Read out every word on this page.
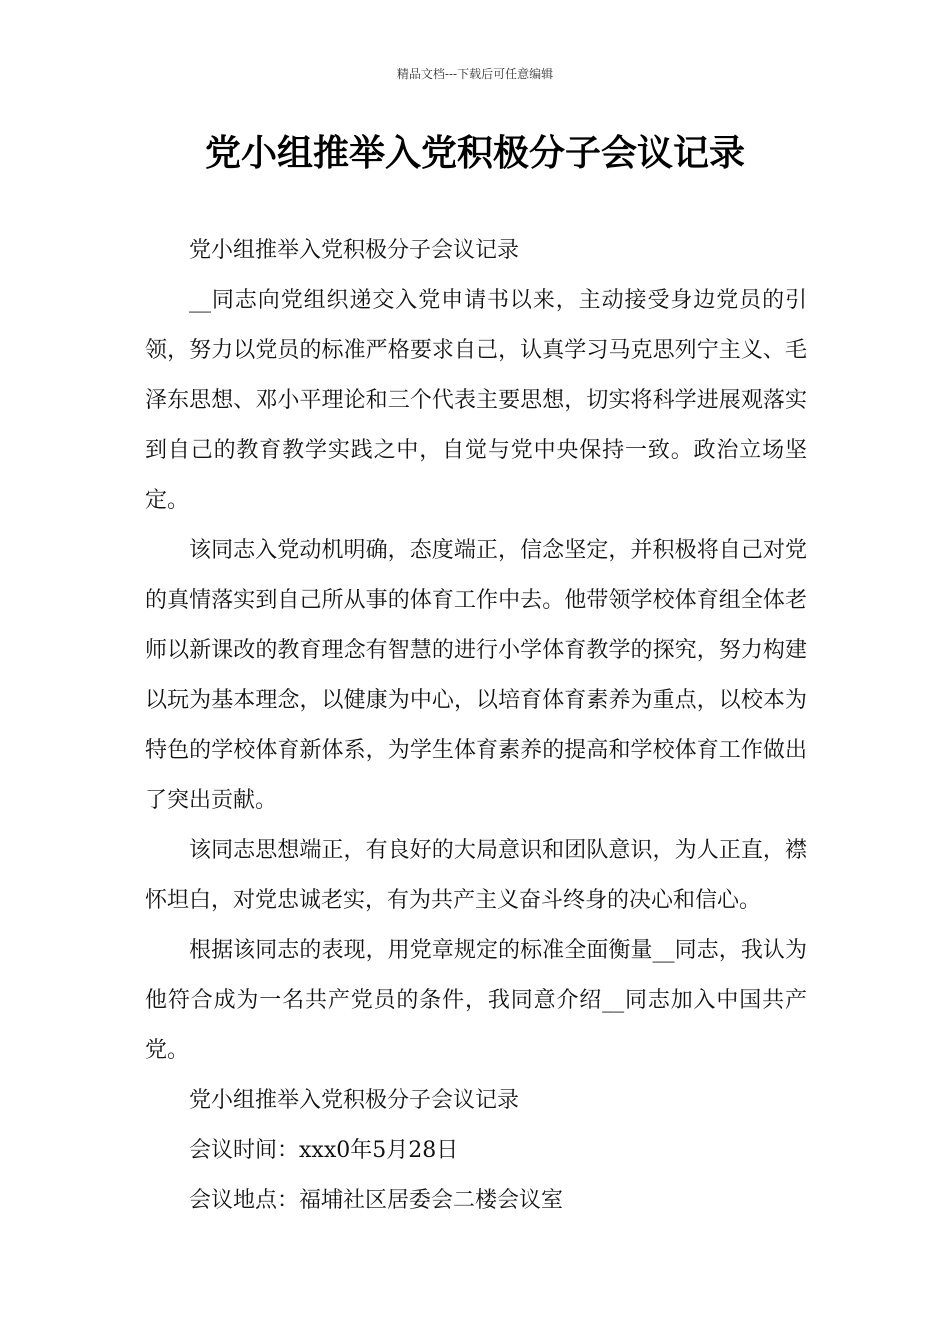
精品文档---下载后可任意编辑
党小组推举入党积极分子会议记录

党小组推举入党积极分子会议记录

__同志向党组织递交入党申请书以来，主动接受身边党员的引领，努力以党员的标准严格要求自己，认真学习马克思列宁主义、毛泽东思想、邓小平理论和三个代表主要思想，切实将科学进展观落实到自己的教育教学实践之中，自觉与党中央保持一致。政治立场坚定。

该同志入党动机明确，态度端正，信念坚定，并积极将自己对党的真情落实到自己所从事的体育工作中去。他带领学校体育组全体老师以新课改的教育理念有智慧的进行小学体育教学的探究，努力构建以玩为基本理念，以健康为中心，以培育体育素养为重点，以校本为特色的学校体育新体系，为学生体育素养的提高和学校体育工作做出了突出贡献。

该同志思想端正，有良好的大局意识和团队意识，为人正直，襟怀坦白，对党忠诚老实，有为共产主义奋斗终身的决心和信心。

根据该同志的表现，用党章规定的标准全面衡量__同志，我认为他符合成为一名共产党员的条件，我同意介绍__同志加入中国共产党。

党小组推举入党积极分子会议记录

会议时间：xxx0年5月28日

会议地点：福埔社区居委会二楼会议室
